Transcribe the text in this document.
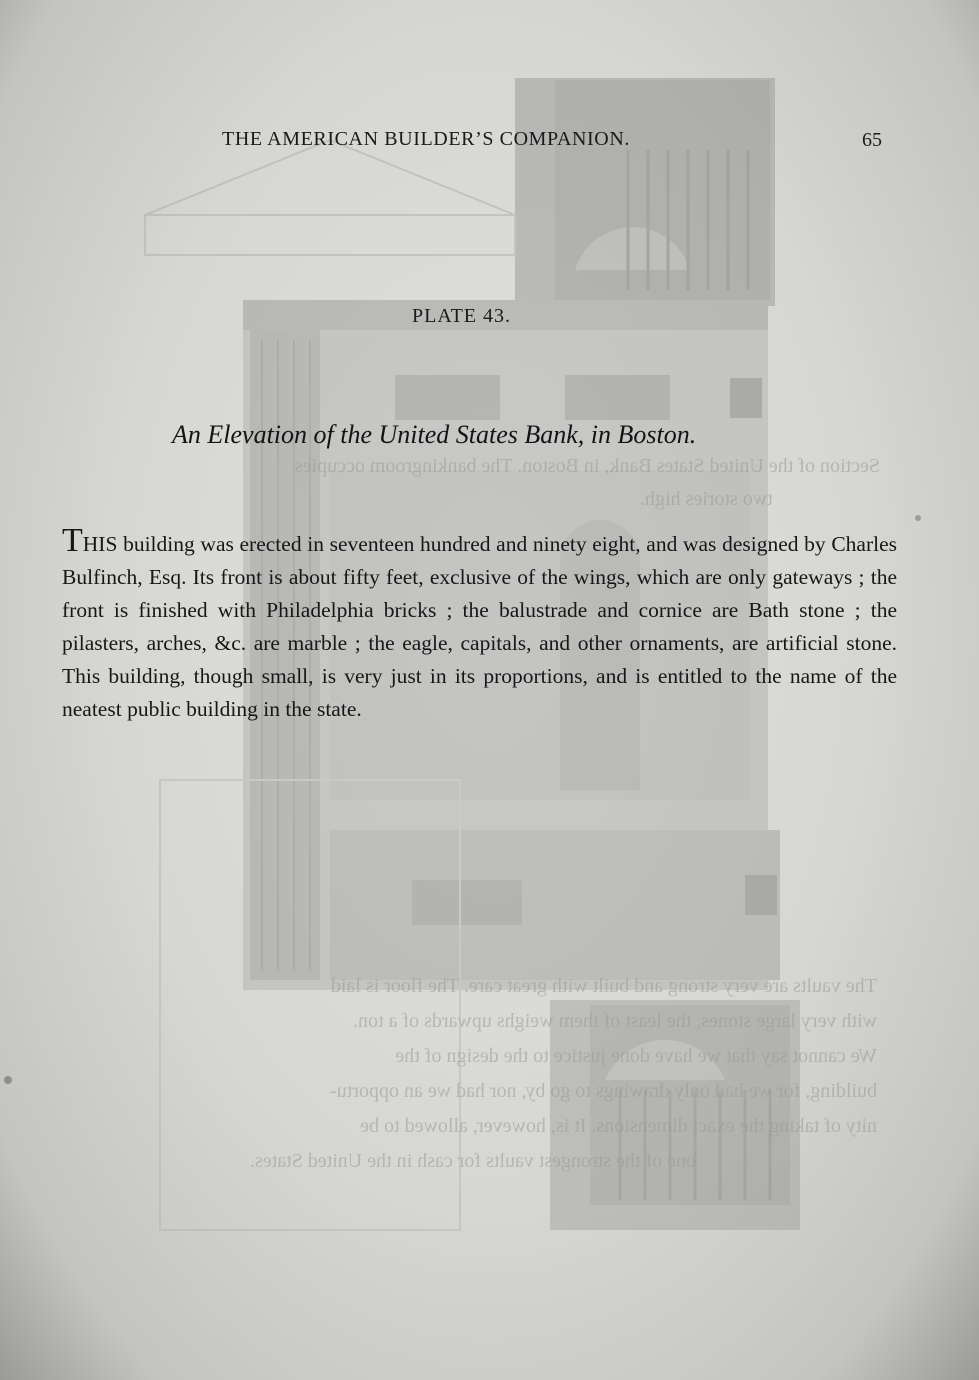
Section of the United States Bank, in Boston. The bankingroom occupies
two stories high.
The vaults are very strong and built with great care. The floor is laid
with very large stones, the least of them weighs upwards of a ton.
We cannot say that we have done justice to the design of the
building, for we had only drawings to go by, nor had we an opportu-
nity of taking the exact dimensions. It is, however, allowed to be
one of the strongest vaults for cash in the United States.
THE AMERICAN BUILDER’S COMPANION.	65
PLATE 43.
An Elevation of the United States Bank, in Boston.
THIS building was erected in seventeen hundred and ninety eight, and was designed by Charles Bulfinch, Esq. Its front is about fifty feet, exclusive of the wings, which are only gateways ; the front is finished with Philadelphia bricks ; the balustrade and cornice are Bath stone ; the pilasters, arches, &c. are marble ; the eagle, capitals, and other ornaments, are artificial stone. This building, though small, is very just in its proportions, and is entitled to the name of the neatest public building in the state.
